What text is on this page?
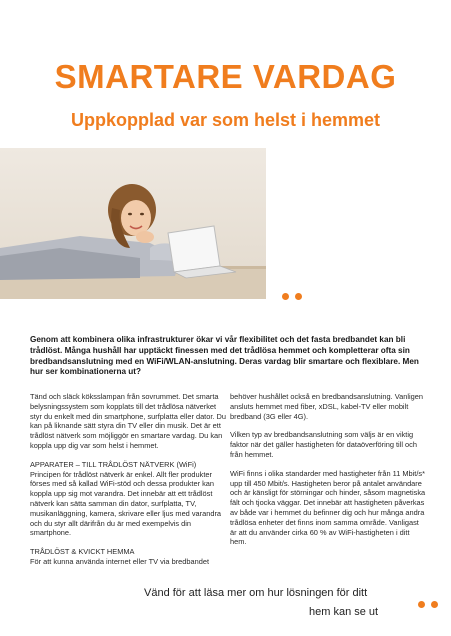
SMARTARE VARDAG
Uppkopplad var som helst i hemmet
Genom att kombinera olika infrastrukturer ökar vi vår flexibilitet och det fasta bredbandet kan bli trådlöst. Många hushåll har upptäckt finessen med det trådlösa hemmet och kompletterar ofta sin bredbandsanslutning med en WiFi/WLAN-anslutning. Deras vardag blir smartare och flexiblare. Men hur ser kombinationerna ut?

Tänd och släck köksslampan från sovrummet. Det smarta belysningssystem som kopplats till det trådlösa nätverket styr du enkelt med din smartphone, surfplatta eller dator. Du kan på liknande sätt styra din TV eller din musik. Det är ett trådlöst nätverk som möjliggör en smartare vardag. Du kan koppla upp dig var som helst i hemmet.

APPARATER – TILL TRÅDLÖST NÄTVERK (WiFi)

Principen för trådlöst nätverk är enkel. Allt fler produkter förses med så kallad WiFi-stöd och dessa produkter kan koppla upp sig mot varandra. Det innebär att ett trådlöst nätverk kan sätta samman din dator, surfplatta, TV, musikanläggning, kamera, skrivare eller ljus med varandra och du styr allt därifrån du är med exempelvis din smartphone.

TRÅDLÖST & KVICKT HEMMA

För att kunna använda internet eller TV via bredbandet

behöver hushållet också en bredbandsanslutning. Vanligen ansluts hemmet med fiber, xDSL, kabel-TV eller mobilt bredband (3G eller 4G).

Vilken typ av bredbandsanslutning som väljs är en viktig faktor när det gäller hastigheten för dataöverföring till och från hemmet.

WiFi finns i olika standarder med hastigheter från 11 Mbit/s* upp till 450 Mbit/s. Hastigheten beror på antalet användare och är känsligt för störningar och hinder, såsom magnetiska fält och tjocka väggar. Det innebär att hastigheten påverkas av både var i hemmet du befinner dig och hur många andra trådlösa enheter det finns inom samma område. Vanligast är att du använder cirka 60 % av WiFi-hastigheten i ditt hem.

Vänd för att läsa mer om hur lösningen för ditt
hem kan se ut
